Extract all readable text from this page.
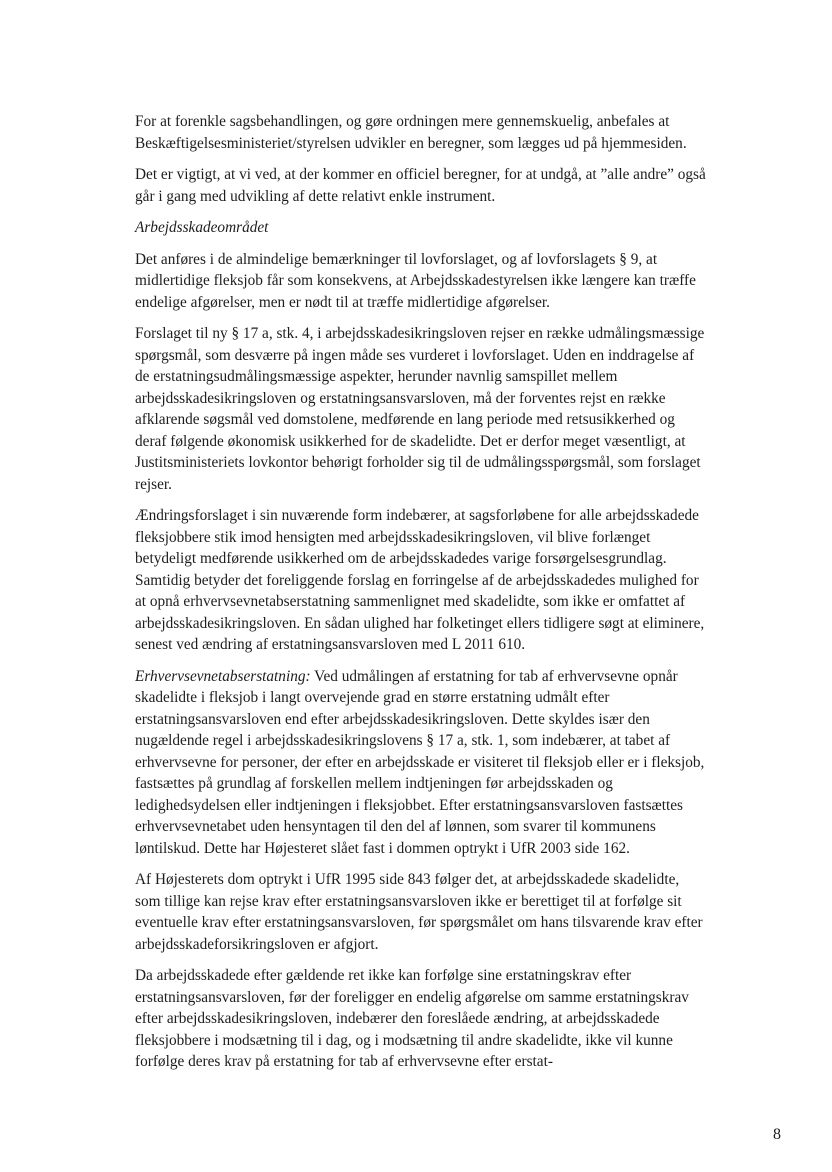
For at forenkle sagsbehandlingen, og gøre ordningen mere gennemskuelig, anbefales at Beskæftigelsesministeriet/styrelsen udvikler en beregner, som lægges ud på hjemmesiden.

Det er vigtigt, at vi ved, at der kommer en officiel beregner, for at undgå, at ”alle andre” også går i gang med udvikling af dette relativt enkle instrument.

Arbejdsskadeområdet

Det anføres i de almindelige bemærkninger til lovforslaget, og af lovforslagets § 9, at midlertidige fleksjob får som konsekvens, at Arbejdsskadestyrelsen ikke længere kan træffe endelige afgørelser, men er nødt til at træffe midlertidige afgørelser.

Forslaget til ny § 17 a, stk. 4, i arbejdsskadesikringsloven rejser en række udmålingsmæssige spørgsmål, som desværre på ingen måde ses vurderet i lovforslaget. Uden en inddragelse af de erstatningsudmålingsmæssige aspekter, herunder navnlig samspillet mellem arbejdsskadesikringsloven og erstatningsansvarsloven, må der forventes rejst en række afklarende søgsmål ved domstolene, medførende en lang periode med retsusikkerhed og deraf følgende økonomisk usikkerhed for de skadelidte. Det er derfor meget væsentligt, at Justitsministeriets lovkontor behørigt forholder sig til de udmålingsspørgsmål, som forslaget rejser.

Ændringsforslaget i sin nuværende form indebærer, at sagsforløbene for alle arbejdsskadede fleksjobbere stik imod hensigten med arbejdsskadesikringsloven, vil blive forlænget betydeligt medførende usikkerhed om de arbejdsskadedes varige forsørgelsesgrundlag. Samtidig betyder det foreliggende forslag en forringelse af de arbejdsskadedes mulighed for at opnå erhvervsevnetabserstatning sammenlignet med skadelidte, som ikke er omfattet af arbejdsskadesikringsloven. En sådan ulighed har folketinget ellers tidligere søgt at eliminere, senest ved ændring af erstatningsansvarsloven med L 2011 610.

Erhvervsevnetabserstatning: Ved udmålingen af erstatning for tab af erhvervsevne opnår skadelidte i fleksjob i langt overvejende grad en større erstatning udmålt efter erstatningsansvarsloven end efter arbejdsskadesikringsloven. Dette skyldes især den nugældende regel i arbejdsskadesikringslovens § 17 a, stk. 1, som indebærer, at tabet af erhvervsevne for personer, der efter en arbejdsskade er visiteret til fleksjob eller er i fleksjob, fastsættes på grundlag af forskellen mellem indtjeningen før arbejdsskaden og ledighedsydelsen eller indtjeningen i fleksjobbet. Efter erstatningsansvarsloven fastsættes erhvervsevnetabet uden hensyntagen til den del af lønnen, som svarer til kommunens løntilskud. Dette har Højesteret slået fast i dommen optrykt i UfR 2003 side 162.

Af Højesterets dom optrykt i UfR 1995 side 843 følger det, at arbejdsskadede skadelidte, som tillige kan rejse krav efter erstatningsansvarsloven ikke er berettiget til at forfølge sit eventuelle krav efter erstatningsansvarsloven, før spørgsmålet om hans tilsvarende krav efter arbejdsskadeforsikringsloven er afgjort.

Da arbejdsskadede efter gældende ret ikke kan forfølge sine erstatningskrav efter erstatningsansvarsloven, før der foreligger en endelig afgørelse om samme erstatningskrav efter arbejdsskadesikringsloven, indebærer den foreslåede ændring, at arbejdsskadede fleksjobbere i modsætning til i dag, og i modsætning til andre skadelidte, ikke vil kunne forfølge deres krav på erstatning for tab af erhvervsevne efter erstat-

8
